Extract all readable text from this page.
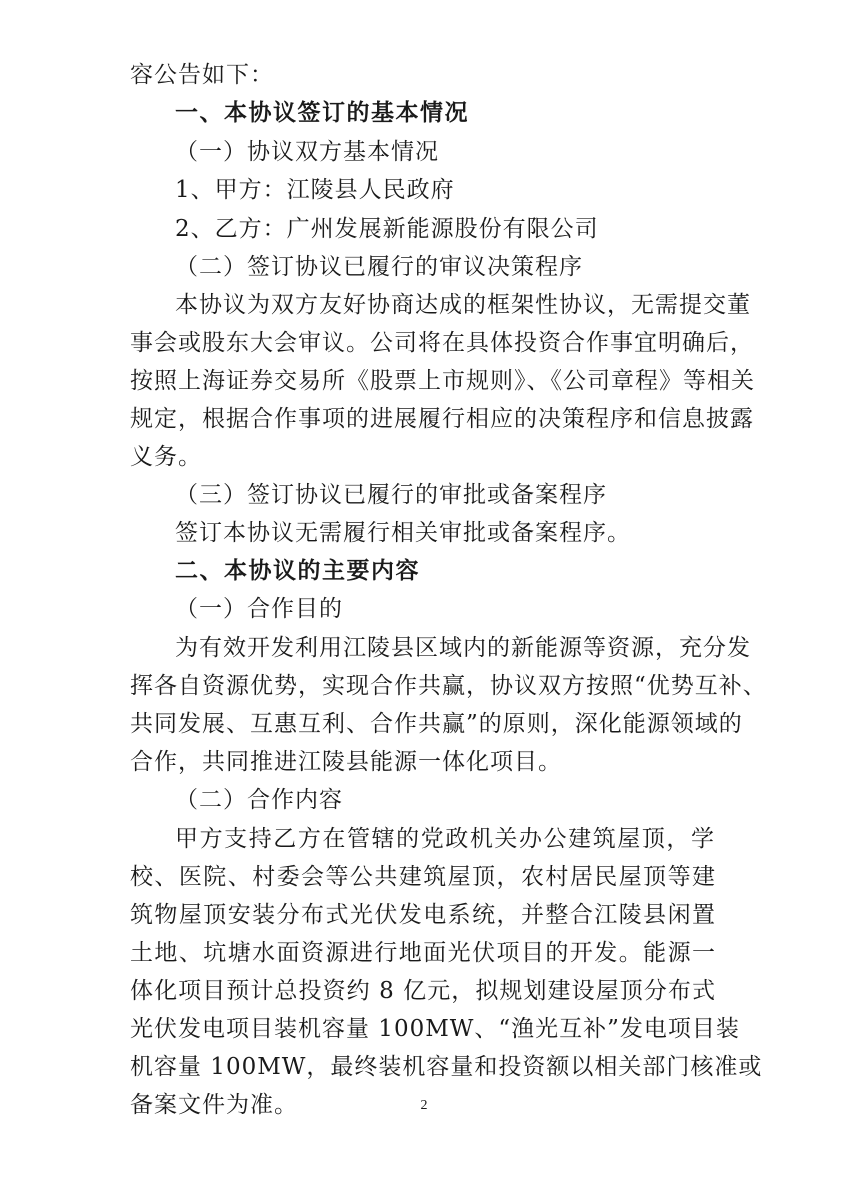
容公告如下：
一、本协议签订的基本情况
（一）协议双方基本情况
1、甲方：江陵县人民政府
2、乙方：广州发展新能源股份有限公司
（二）签订协议已履行的审议决策程序
本协议为双方友好协商达成的框架性协议，无需提交董
事会或股东大会审议。公司将在具体投资合作事宜明确后，
按照上海证券交易所《股票上市规则》、《公司章程》等相关
规定，根据合作事项的进展履行相应的决策程序和信息披露
义务。
（三）签订协议已履行的审批或备案程序
签订本协议无需履行相关审批或备案程序。
二、本协议的主要内容
（一）合作目的
为有效开发利用江陵县区域内的新能源等资源，充分发
挥各自资源优势，实现合作共赢，协议双方按照“优势互补、
共同发展、互惠互利、合作共赢”的原则，深化能源领域的
合作，共同推进江陵县能源一体化项目。
（二）合作内容
甲方支持乙方在管辖的党政机关办公建筑屋顶，学
校、医院、村委会等公共建筑屋顶，农村居民屋顶等建
筑物屋顶安装分布式光伏发电系统，并整合江陵县闲置
土地、坑塘水面资源进行地面光伏项目的开发。能源一
体化项目预计总投资约 8 亿元，拟规划建设屋顶分布式
光伏发电项目装机容量 100MW、“渔光互补”发电项目装
机容量 100MW，最终装机容量和投资额以相关部门核准或
备案文件为准。	2
